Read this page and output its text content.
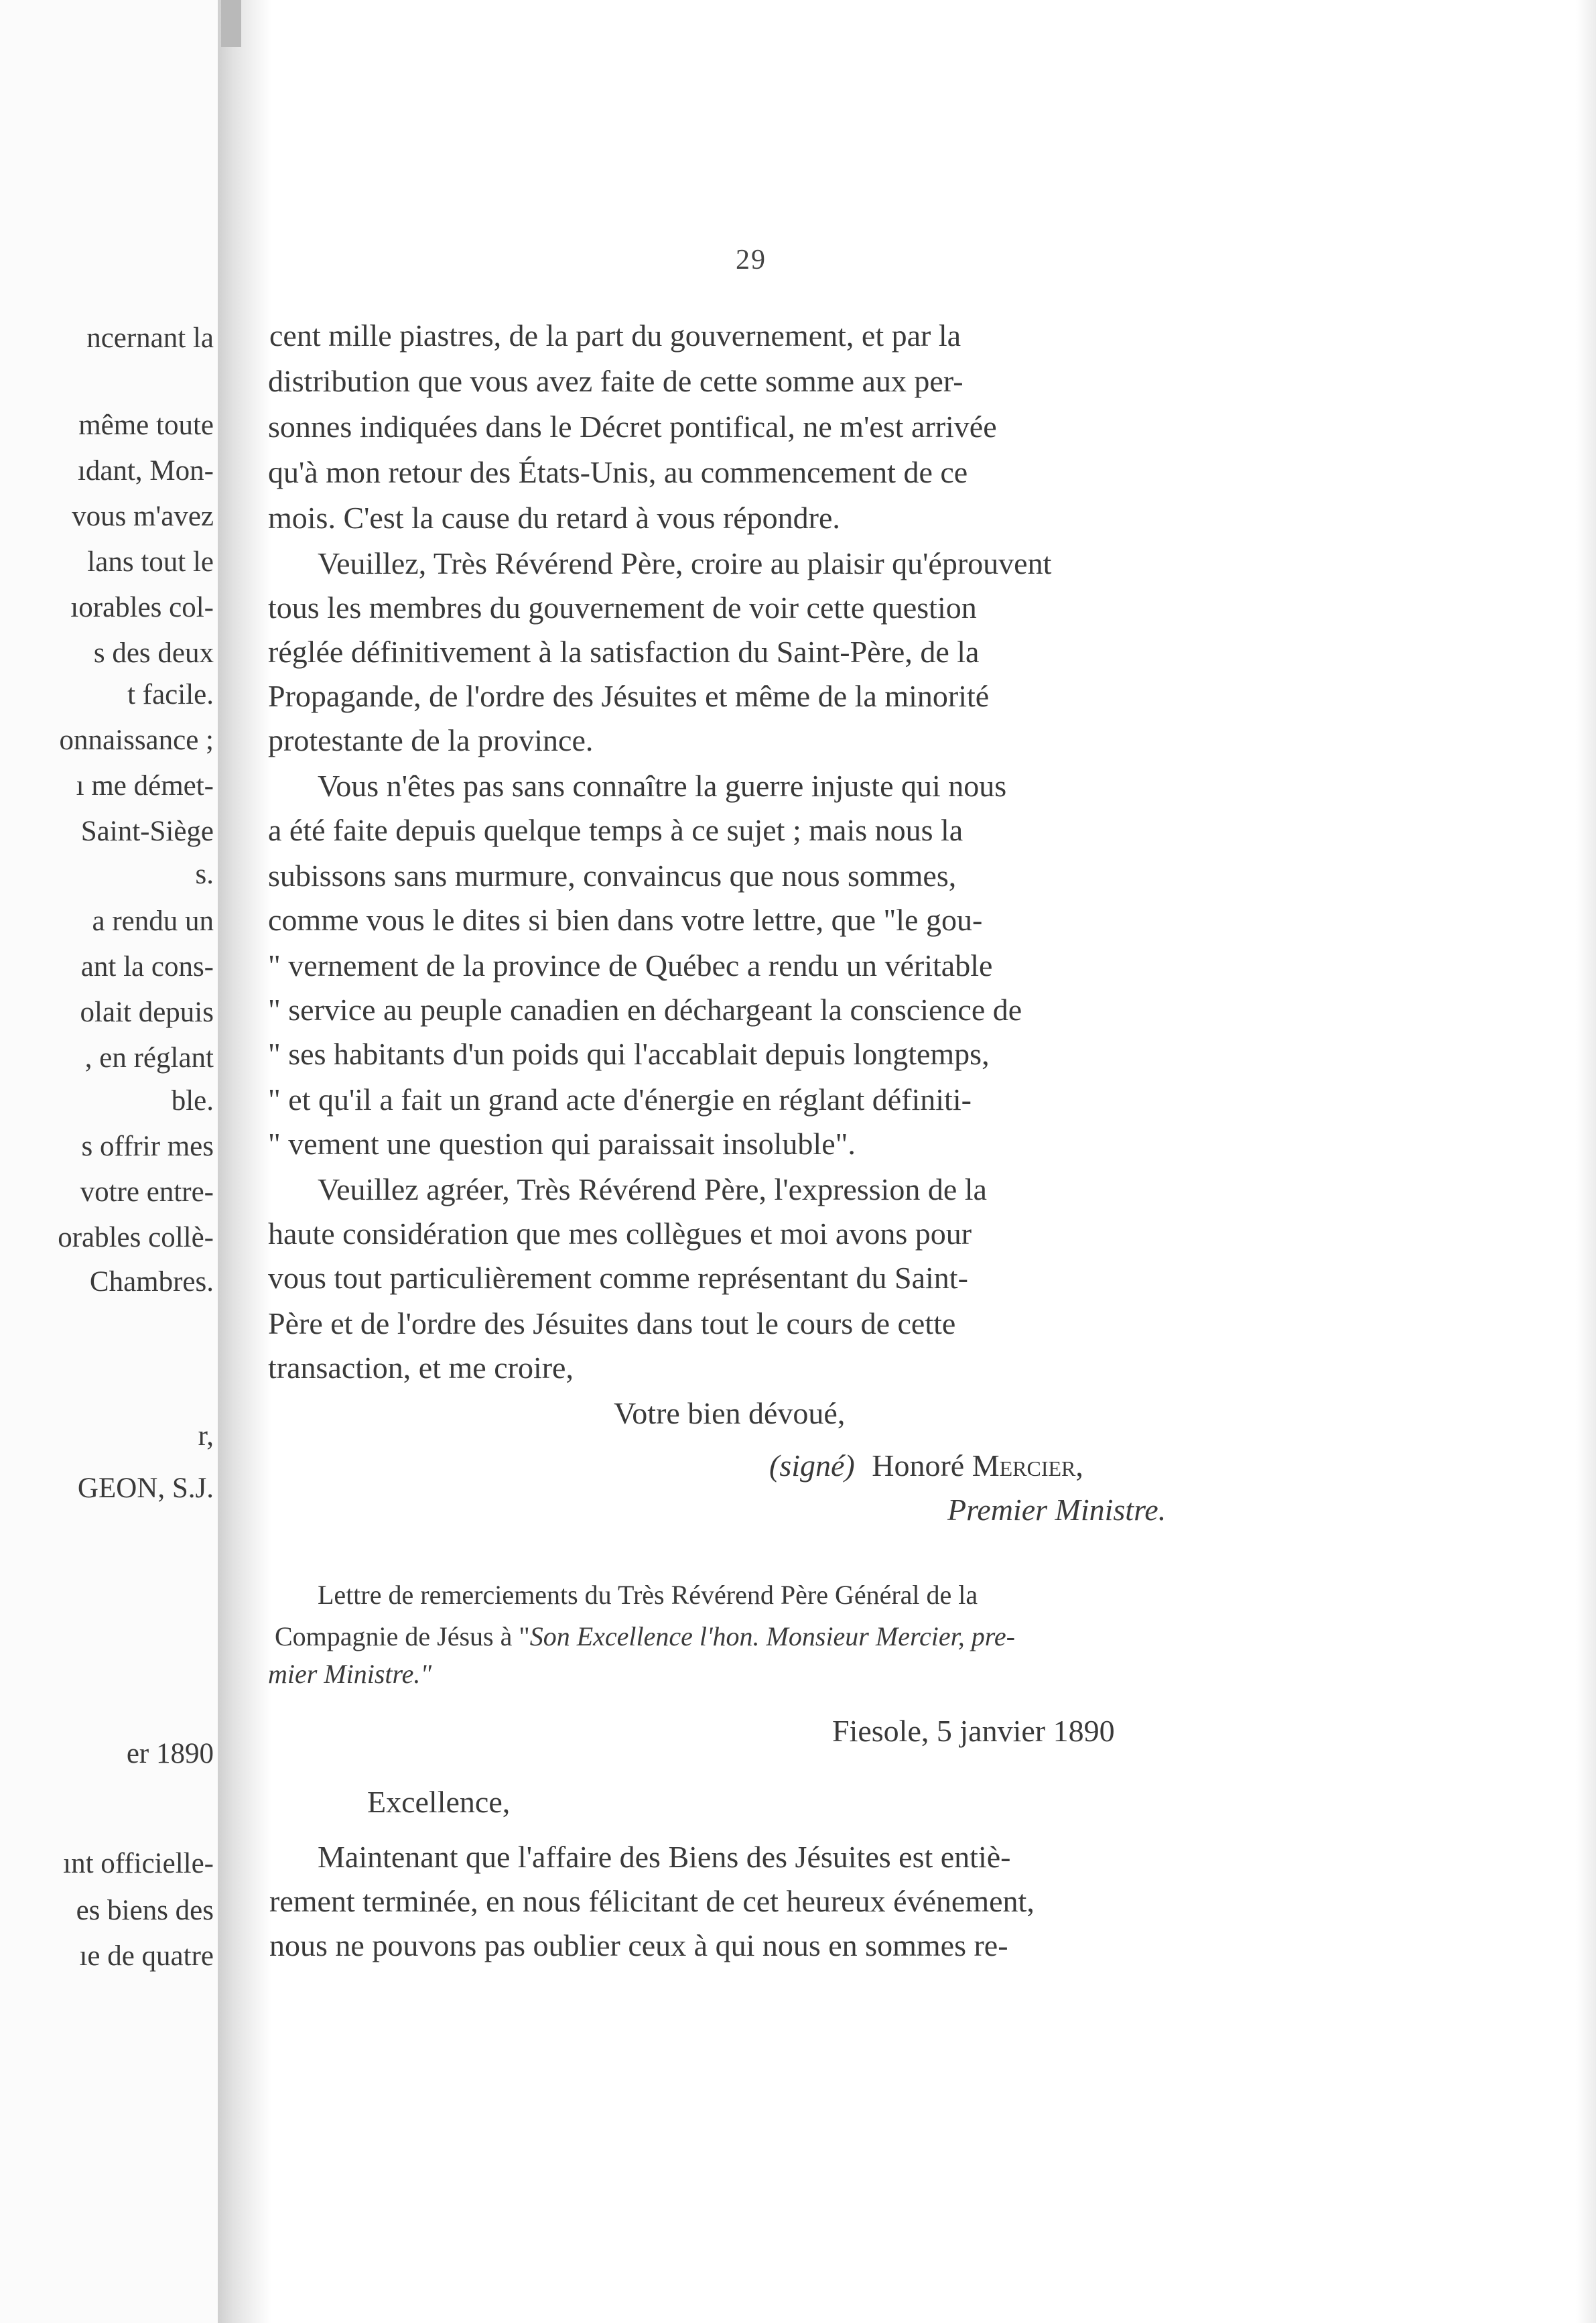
ncernant la
même toute
ıdant, Mon-
vous m'avez
lans tout le
ıorables col-
s des deux
t facile.
onnaissance ;
ı me démet-
Saint-Siège
s.
a rendu un
ant la cons-
olait depuis
, en réglant
ble.
s offrir mes
votre entre-
orables collè-
Chambres.
r,
GEON, S.J.
er 1890
ınt officielle-
es biens des
ıe de quatre
29
cent mille piastres, de la part du gouvernement, et par la
distribution que vous avez faite de cette somme aux per-
sonnes indiquées dans le Décret pontifical, ne m'est arrivée
qu'à mon retour des États-Unis, au commencement de ce
mois. C'est la cause du retard à vous répondre.
Veuillez, Très Révérend Père, croire au plaisir qu'éprouvent
tous les membres du gouvernement de voir cette question
réglée définitivement à la satisfaction du Saint-Père, de la
Propagande, de l'ordre des Jésuites et même de la minorité
protestante de la province.
Vous n'êtes pas sans connaître la guerre injuste qui nous
a été faite depuis quelque temps à ce sujet ; mais nous la
subissons sans murmure, convaincus que nous sommes,
comme vous le dites si bien dans votre lettre, que "le gou-
" vernement de la province de Québec a rendu un véritable
" service au peuple canadien en déchargeant la conscience de
" ses habitants d'un poids qui l'accablait depuis longtemps,
" et qu'il a fait un grand acte d'énergie en réglant définiti-
" vement une question qui paraissait insoluble".
Veuillez agréer, Très Révérend Père, l'expression de la
haute considération que mes collègues et moi avons pour
vous tout particulièrement comme représentant du Saint-
Père et de l'ordre des Jésuites dans tout le cours de cette
transaction, et me croire,
Votre bien dévoué,
(signé) Honoré Mercier,
Premier Ministre.
Lettre de remerciements du Très Révérend Père Général de la
Compagnie de Jésus à "Son Excellence l'hon. Monsieur Mercier, pre-
mier Ministre."
Fiesole, 5 janvier 1890
Excellence,
Maintenant que l'affaire des Biens des Jésuites est entiè-
rement terminée, en nous félicitant de cet heureux événement,
nous ne pouvons pas oublier ceux à qui nous en sommes re-
